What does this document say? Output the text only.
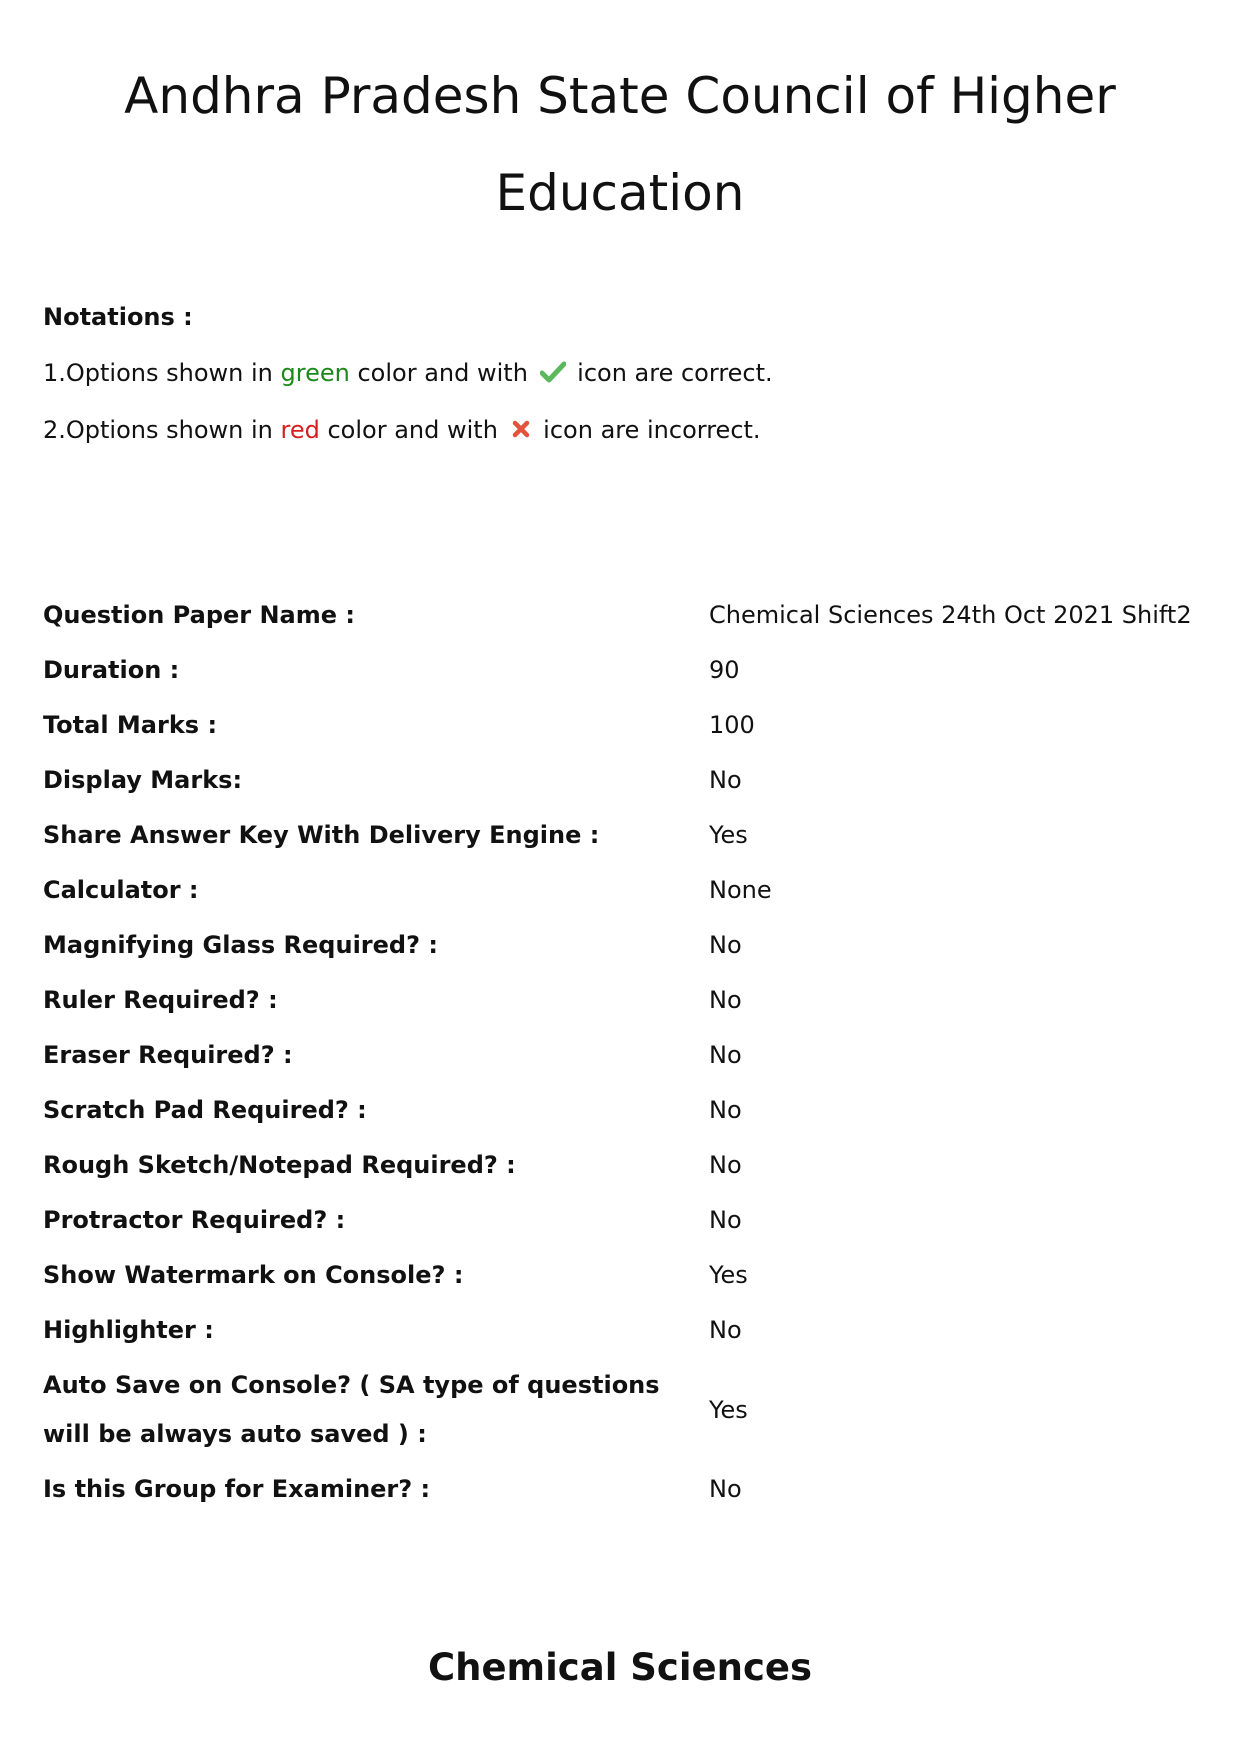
Andhra Pradesh State Council of Higher
Education
Notations :
1.Options shown in green color and with  icon are correct.
2.Options shown in red color and with  icon are incorrect.
Question Paper Name :	Chemical Sciences 24th Oct 2021 Shift2
Duration :	90
Total Marks :	100
Display Marks:	No
Share Answer Key With Delivery Engine :	Yes
Calculator :	None
Magnifying Glass Required? :	No
Ruler Required? :	No
Eraser Required? :	No
Scratch Pad Required? :	No
Rough Sketch/Notepad Required? :	No
Protractor Required? :	No
Show Watermark on Console? :	Yes
Highlighter :	No
Auto Save on Console? ( SA type of questions will be always auto saved ) :	Yes
Is this Group for Examiner? :	No
Chemical Sciences
